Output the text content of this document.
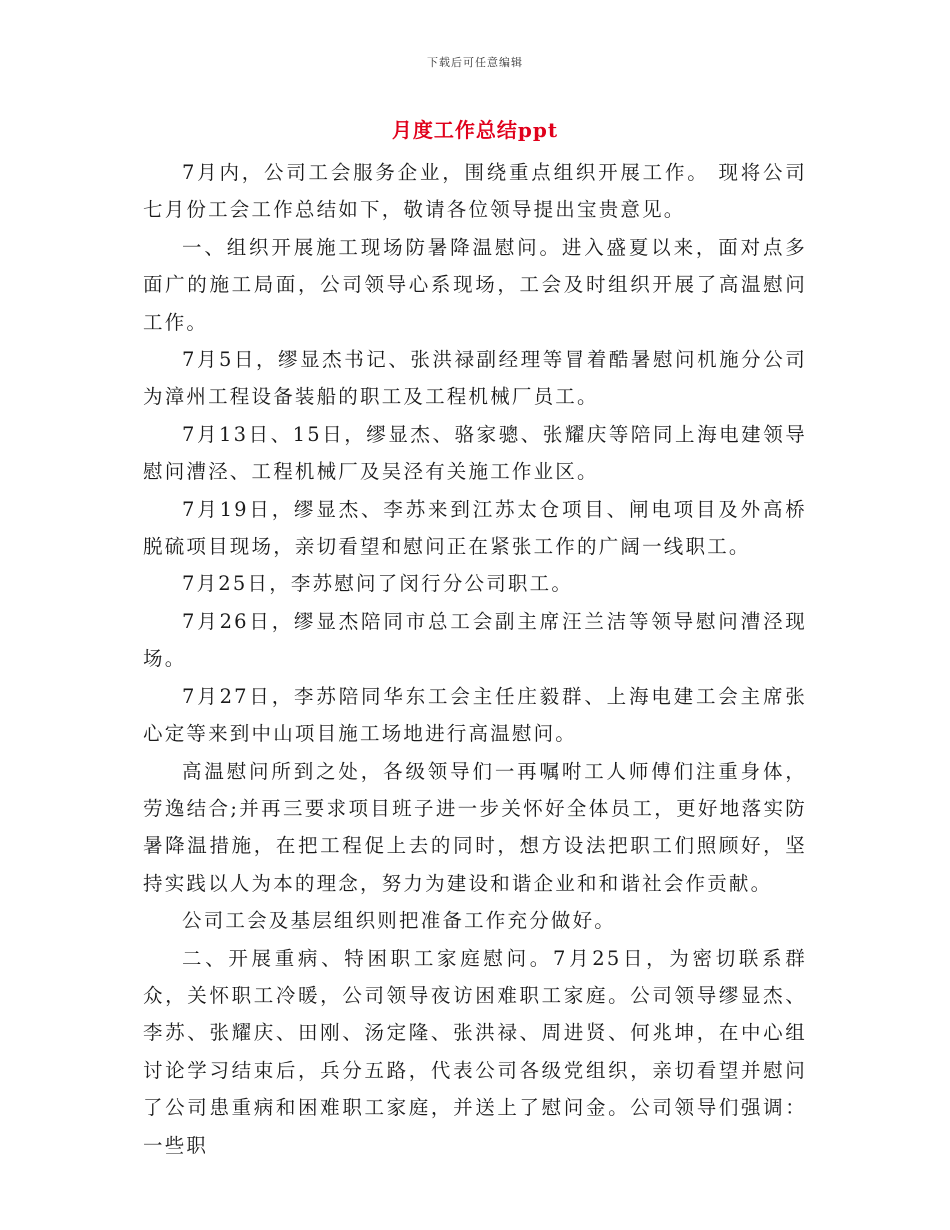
下载后可任意编辑
月度工作总结ppt

7月内，公司工会服务企业，围绕重点组织开展工作。 现将公司七月份工会工作总结如下，敬请各位领导提出宝贵意见。

一、组织开展施工现场防暑降温慰问。进入盛夏以来，面对点多面广的施工局面，公司领导心系现场，工会及时组织开展了高温慰问工作。

7月5日，缪显杰书记、张洪禄副经理等冒着酷暑慰问机施分公司为漳州工程设备装船的职工及工程机械厂员工。

7月13日、15日，缪显杰、骆家骢、张耀庆等陪同上海电建领导慰问漕泾、工程机械厂及吴泾有关施工作业区。

7月19日，缪显杰、李苏来到江苏太仓项目、闸电项目及外高桥脱硫项目现场，亲切看望和慰问正在紧张工作的广阔一线职工。

7月25日，李苏慰问了闵行分公司职工。

7月26日，缪显杰陪同市总工会副主席汪兰洁等领导慰问漕泾现场。

7月27日，李苏陪同华东工会主任庄毅群、上海电建工会主席张心定等来到中山项目施工场地进行高温慰问。

高温慰问所到之处，各级领导们一再嘱咐工人师傅们注重身体，劳逸结合;并再三要求项目班子进一步关怀好全体员工，更好地落实防暑降温措施，在把工程促上去的同时，想方设法把职工们照顾好，坚持实践以人为本的理念，努力为建设和谐企业和和谐社会作贡献。

公司工会及基层组织则把准备工作充分做好。

二、开展重病、特困职工家庭慰问。7月25日，为密切联系群众，关怀职工冷暖，公司领导夜访困难职工家庭。公司领导缪显杰、李苏、张耀庆、田刚、汤定隆、张洪禄、周进贤、何兆坤，在中心组讨论学习结束后，兵分五路，代表公司各级党组织，亲切看望并慰问了公司患重病和困难职工家庭，并送上了慰问金。公司领导们强调：一些职
